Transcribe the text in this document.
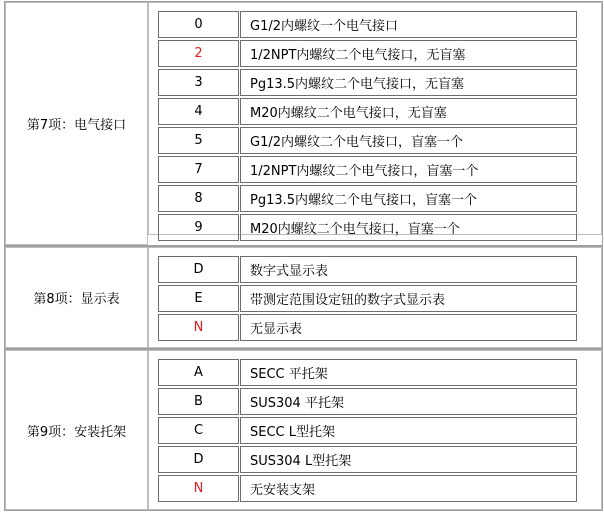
第7项：电气接口
0	G1/2内螺纹一个电气接口
2	1/2NPT内螺纹二个电气接口，无盲塞
3	Pg13.5内螺纹二个电气接口，无盲塞
4	M20内螺纹二个电气接口，无盲塞
5	G1/2内螺纹二个电气接口，盲塞一个
7	1/2NPT内螺纹二个电气接口，盲塞一个
8	Pg13.5内螺纹二个电气接口，盲塞一个
9	M20内螺纹二个电气接口，盲塞一个
第8项：显示表
D	数字式显示表
E	带测定范围设定钮的数字式显示表
N	无显示表
第9项：安装托架
A	SECC 平托架
B	SUS304 平托架
C	SECC L型托架
D	SUS304 L型托架
N	无安装支架
